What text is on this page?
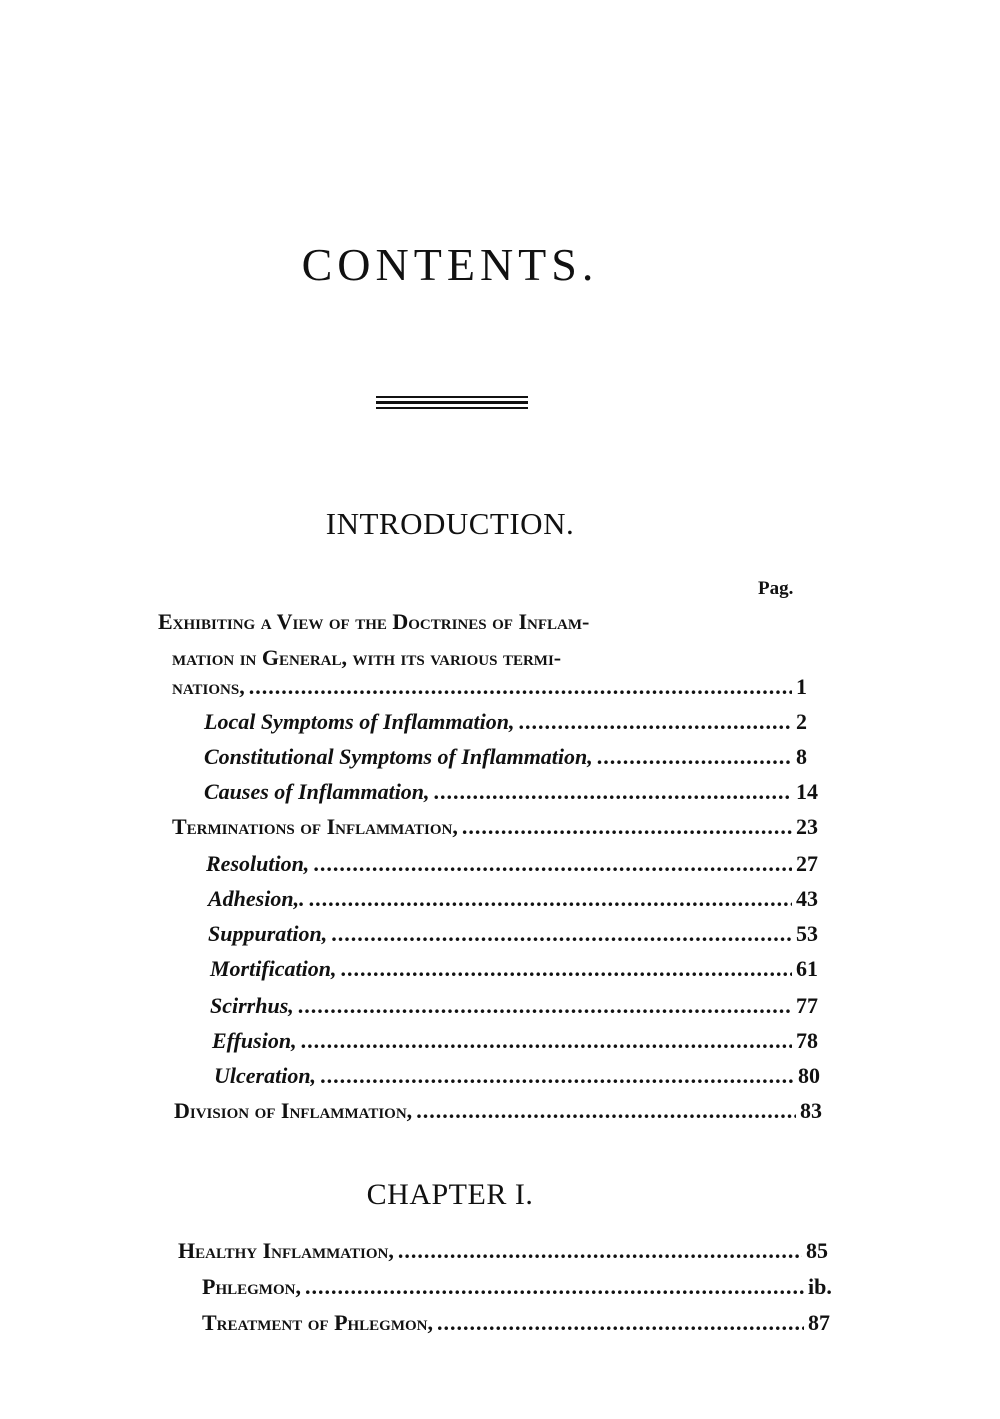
CONTENTS.
INTRODUCTION.
Pag.
Exhibiting a View of the Doctrines of Inflam-
mation in General, with its various termi-
nations, .....	1
Local Symptoms of Inflammation, .....	2
Constitutional Symptoms of Inflammation, .....	8
Causes of Inflammation, .....	14
Terminations of Inflammation, .....	23
Resolution, .....	27
Adhesion,. .....	43
Suppuration, .....	53
Mortification, .....	61
Scirrhus, .....	77
Effusion, .....	78
Ulceration, .....	80
Division of Inflammation, .....	83
CHAPTER I.
Healthy Inflammation, .....	85
Phlegmon, .....	ib.
Treatment of Phlegmon, .....	87
